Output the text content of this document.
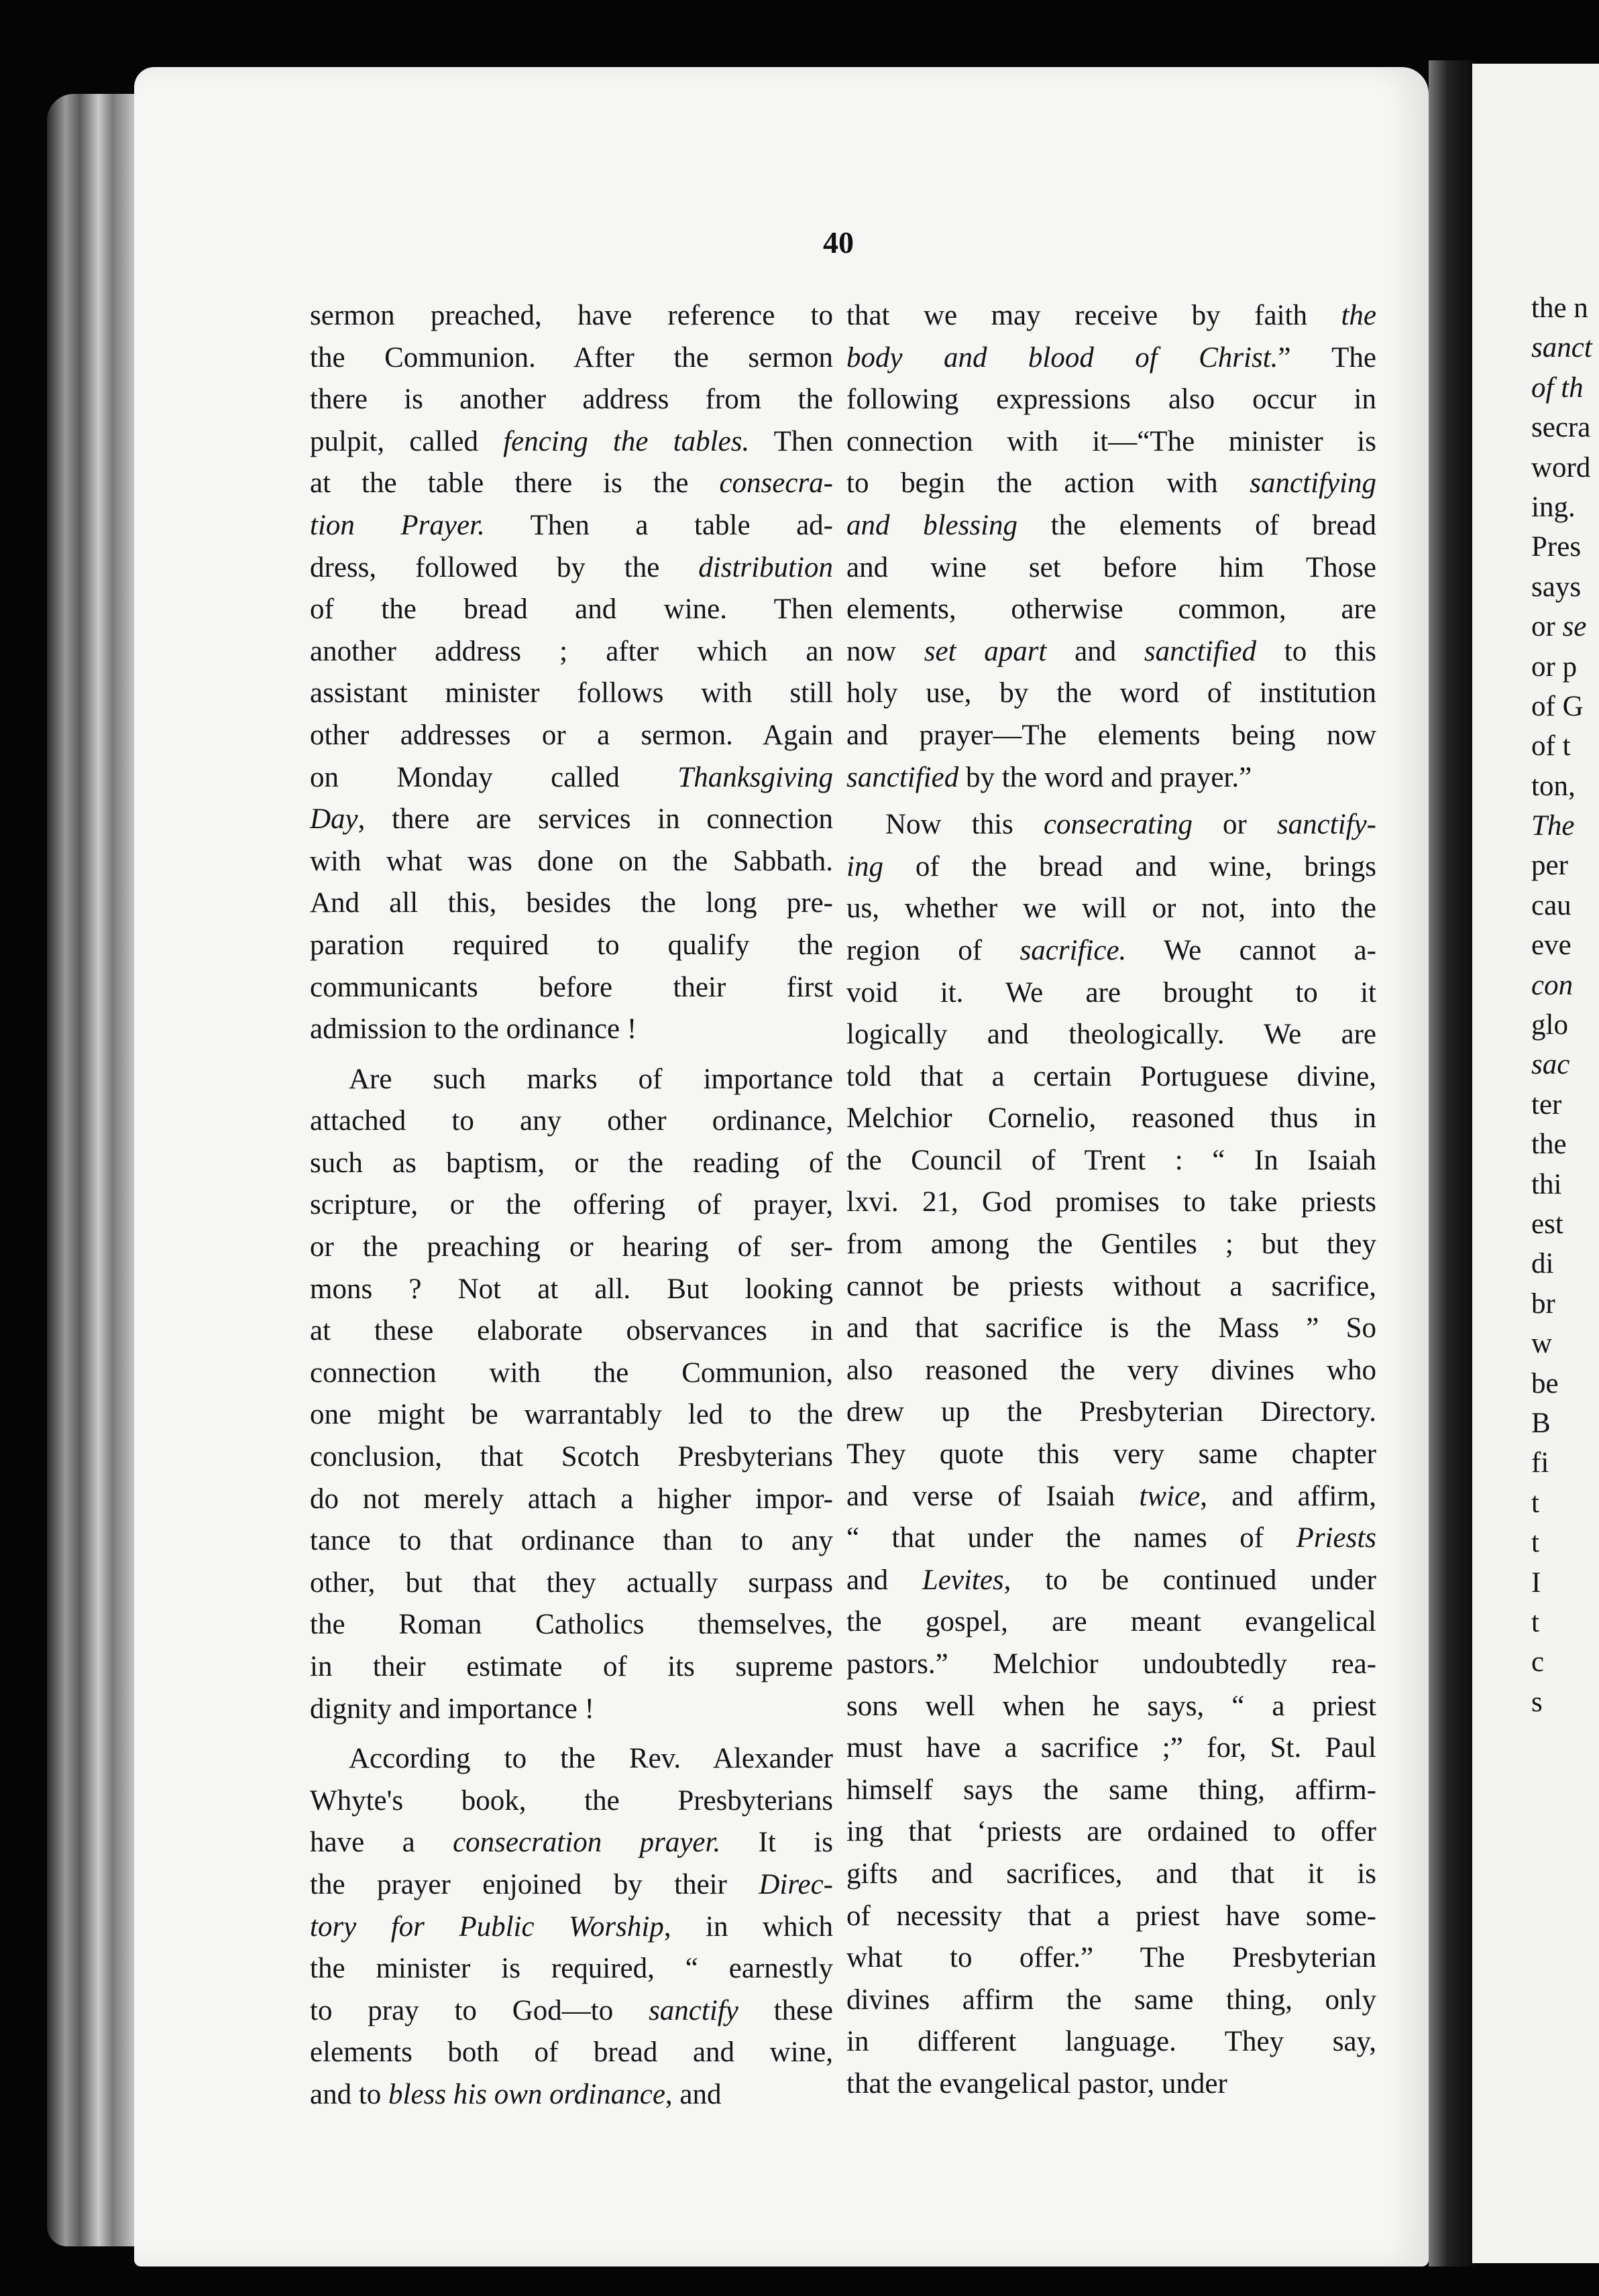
40

sermon preached, have reference to
the Communion. After the sermon
there is another address from the
pulpit, called fencing the tables. Then
at the table there is the consecra-
tion Prayer. Then a table ad-
dress, followed by the distribution
of the bread and wine. Then
another address ; after which an
assistant minister follows with still
other addresses or a sermon. Again
on Monday called Thanksgiving
Day, there are services in connection
with what was done on the Sabbath.
And all this, besides the long pre-
paration required to qualify the
communicants before their first
admission to the ordinance !

Are such marks of importance
attached to any other ordinance,
such as baptism, or the reading of
scripture, or the offering of prayer,
or the preaching or hearing of ser-
mons ? Not at all. But looking
at these elaborate observances in
connection with the Communion,
one might be warrantably led to the
conclusion, that Scotch Presbyterians
do not merely attach a higher impor-
tance to that ordinance than to any
other, but that they actually surpass
the Roman Catholics themselves,
in their estimate of its supreme
dignity and importance !

According to the Rev. Alexander
Whyte's book, the Presbyterians
have a consecration prayer. It is
the prayer enjoined by their Direc-
tory for Public Worship, in which
the minister is required, “ earnestly
to pray to God—to sanctify these
elements both of bread and wine,
and to bless his own ordinance, and

that we may receive by faith the
body and blood of Christ.” The
following expressions also occur in
connection with it—“The minister is
to begin the action with sanctifying
and blessing the elements of bread
and wine set before him Those
elements, otherwise common, are
now set apart and sanctified to this
holy use, by the word of institution
and prayer—The elements being now
sanctified by the word and prayer.”

Now this consecrating or sanctify-
ing of the bread and wine, brings
us, whether we will or not, into the
region of sacrifice. We cannot a-
void it. We are brought to it
logically and theologically. We are
told that a certain Portuguese divine,
Melchior Cornelio, reasoned thus in
the Council of Trent : “ In Isaiah
lxvi. 21, God promises to take priests
from among the Gentiles ; but they
cannot be priests without a sacrifice,
and that sacrifice is the Mass ” So
also reasoned the very divines who
drew up the Presbyterian Directory.
They quote this very same chapter
and verse of Isaiah twice, and affirm,
“ that under the names of Priests
and Levites, to be continued under
the gospel, are meant evangelical
pastors.” Melchior undoubtedly rea-
sons well when he says, “ a priest
must have a sacrifice ;” for, St. Paul
himself says the same thing, affirm-
ing that ‘priests are ordained to offer
gifts and sacrifices, and that it is
of necessity that a priest have some-
what to offer.” The Presbyterian
divines affirm the same thing, only
in different language. They say,
that the evangelical pastor, under

the n
sanct
of th
secra
word
ing.
Pres
says
or se
or p
of G
of t
ton,
The
per
cau
eve
con
glo
sac
ter
the
thi
est
di
br
w
be
B
fi
t
t
I
t
c
s
